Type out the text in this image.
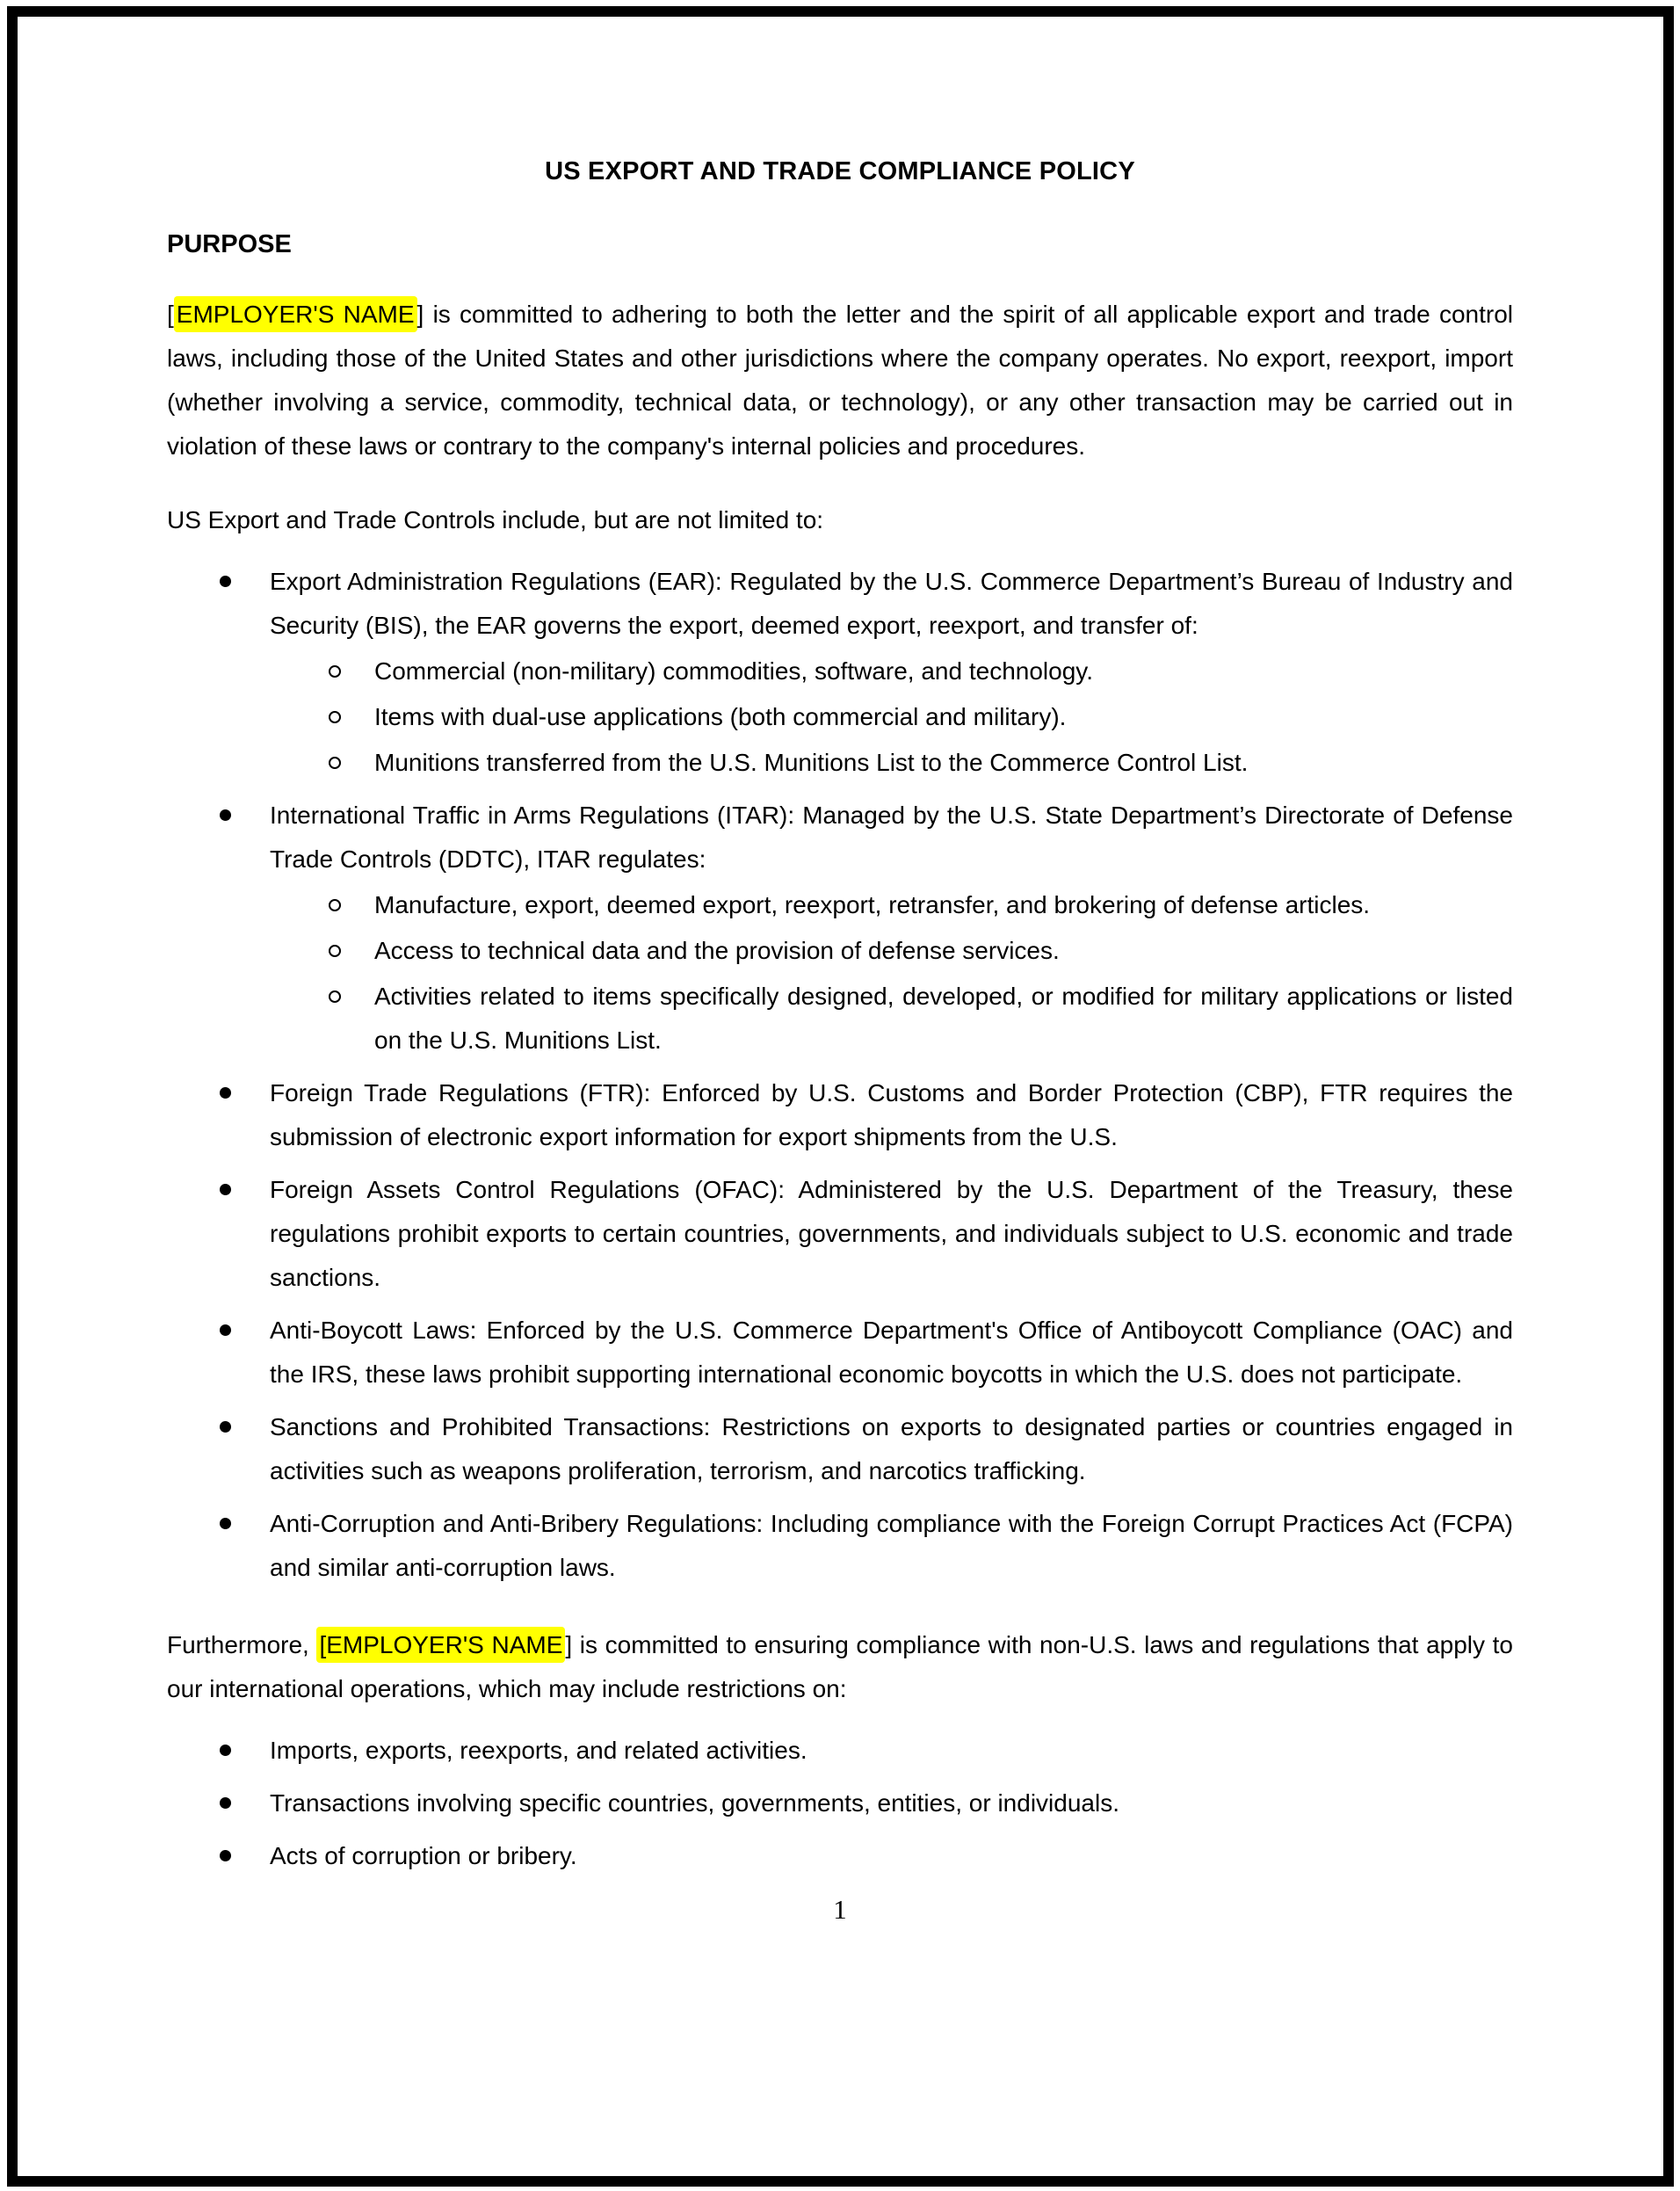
US EXPORT AND TRADE COMPLIANCE POLICY
PURPOSE

[ EMPLOYER'S NAME ] is committed to adhering to both the letter and the spirit of all applicable export and trade control laws, including those of the United States and other jurisdictions where the company operates. No export, reexport, import (whether involving a service, commodity, technical data, or technology), or any other transaction may be carried out in violation of these laws or contrary to the company's internal policies and procedures.

US Export and Trade Controls include, but are not limited to:

Export Administration Regulations (EAR): Regulated by the U.S. Commerce Department’s Bureau of Industry and Security (BIS), the EAR governs the export, deemed export, reexport, and transfer of:
Commercial (non-military) commodities, software, and technology.
Items with dual-use applications (both commercial and military).
Munitions transferred from the U.S. Munitions List to the Commerce Control List.
International Traffic in Arms Regulations (ITAR): Managed by the U.S. State Department’s Directorate of Defense Trade Controls (DDTC), ITAR regulates:
Manufacture, export, deemed export, reexport, retransfer, and brokering of defense articles.
Access to technical data and the provision of defense services.
Activities related to items specifically designed, developed, or modified for military applications or listed on the U.S. Munitions List.
Foreign Trade Regulations (FTR): Enforced by U.S. Customs and Border Protection (CBP), FTR requires the submission of electronic export information for export shipments from the U.S.
Foreign Assets Control Regulations (OFAC): Administered by the U.S. Department of the Treasury, these regulations prohibit exports to certain countries, governments, and individuals subject to U.S. economic and trade sanctions.
Anti-Boycott Laws: Enforced by the U.S. Commerce Department's Office of Antiboycott Compliance (OAC) and the IRS, these laws prohibit supporting international economic boycotts in which the U.S. does not participate.
Sanctions and Prohibited Transactions: Restrictions on exports to designated parties or countries engaged in activities such as weapons proliferation, terrorism, and narcotics trafficking.
Anti-Corruption and Anti-Bribery Regulations: Including compliance with the Foreign Corrupt Practices Act (FCPA) and similar anti-corruption laws.

Furthermore, [EMPLOYER'S NAME ] is committed to ensuring compliance with non-U.S. laws and regulations that apply to our international operations, which may include restrictions on:

Imports, exports, reexports, and related activities.
Transactions involving specific countries, governments, entities, or individuals.
Acts of corruption or bribery.
1
